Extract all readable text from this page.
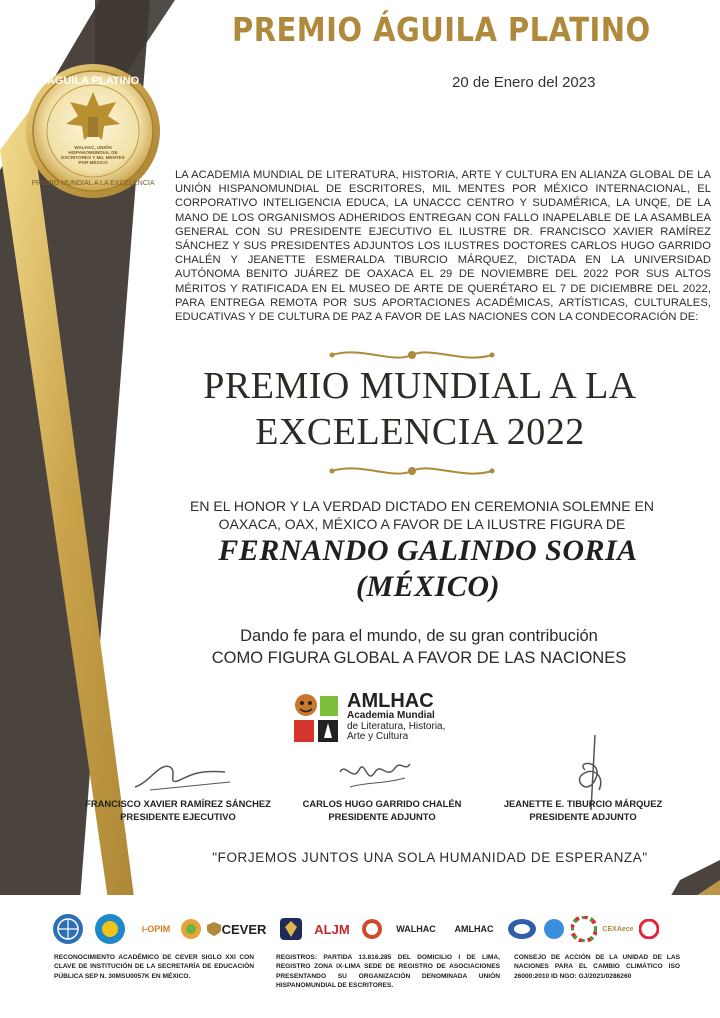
ÁGUILA PLATINO
WALHAC, UNIÓN
HISPANOMUNDIAL DE
ESCRITORES Y MIL MENTES
POR MÉXICO
PREMIO MUNDIAL A LA EXCELENCIA
PREMIO ÁGUILA PLATINO
20 de Enero del 2023
LA ACADEMIA MUNDIAL DE LITERATURA, HISTORIA, ARTE Y CULTURA EN ALIANZA GLOBAL DE LA UNIÓN HISPANOMUNDIAL DE ESCRITORES, MIL MENTES POR MÉXICO INTERNACIONAL, EL CORPORATIVO INTELIGENCIA EDUCA, LA UNACCC CENTRO Y SUDAMÉRICA, LA UNQE, DE LA MANO DE LOS ORGANISMOS ADHERIDOS ENTREGAN CON FALLO INAPELABLE DE LA ASAMBLEA GENERAL CON SU PRESIDENTE EJECUTIVO EL ILUSTRE DR. FRANCISCO XAVIER RAMÍREZ SÁNCHEZ Y SUS PRESIDENTES ADJUNTOS LOS ILUSTRES DOCTORES CARLOS HUGO GARRIDO CHALÉN Y JEANETTE ESMERALDA TIBURCIO MÁRQUEZ, DICTADA EN LA UNIVERSIDAD AUTÓNOMA BENITO JUÁREZ DE OAXACA EL 29 DE NOVIEMBRE DEL 2022 POR SUS ALTOS MÉRITOS Y RATIFICADA EN EL MUSEO DE ARTE DE QUERÉTARO EL 7 DE DICIEMBRE DEL 2022, PARA ENTREGA REMOTA POR SUS APORTACIONES ACADÉMICAS, ARTÍSTICAS, CULTURALES, EDUCATIVAS Y DE CULTURA DE PAZ A FAVOR DE LAS NACIONES CON LA CONDECORACIÓN DE:
PREMIO MUNDIAL A LA
EXCELENCIA 2022
EN EL HONOR Y LA VERDAD DICTADO EN CEREMONIA SOLEMNE EN
OAXACA, OAX, MÉXICO A FAVOR DE LA ILUSTRE FIGURA DE
FERNANDO GALINDO SORIA
(MÉXICO)
Dando fe para el mundo, de su gran contribución
COMO FIGURA GLOBAL A FAVOR DE LAS NACIONES
AMLHAC
Academia Mundial
de Literatura, Historia,
Arte y Cultura
FRANCISCO XAVIER RAMÍREZ SÁNCHEZ
PRESIDENTE EJECUTIVO
CARLOS HUGO GARRIDO CHALÉN
PRESIDENTE ADJUNTO
JEANETTE E. TIBURCIO MÁRQUEZ
PRESIDENTE ADJUNTO
"FORJEMOS JUNTOS UNA SOLA HUMANIDAD DE ESPERANZA"
i-OPIM	CEVER	ALJM	WALHAC	AMLHAC	CEXAece
RECONOCIMIENTO ACADÉMICO DE CEVER SIGLO XXI CON CLAVE DE INSTITUCIÓN DE LA SECRETARÍA DE EDUCACIÓN PÚBLICA SEP N. 30MSU0057K EN MÉXICO.
REGISTROS: PARTIDA 13.816.285 DEL DOMICILIO I DE LIMA, REGISTRO ZONA IX-LIMA SEDE DE REGISTRO DE ASOCIACIONES PRESENTANDO SU ORGANIZACIÓN DENOMINADA UNIÓN HISPANOMUNDIAL DE ESCRITORES.
CONSEJO DE ACCIÓN DE LA UNIDAD DE LAS NACIONES PARA EL CAMBIO CLIMÁTICO ISO 26000:2010 ID NGO: GJ/2021/0286260
